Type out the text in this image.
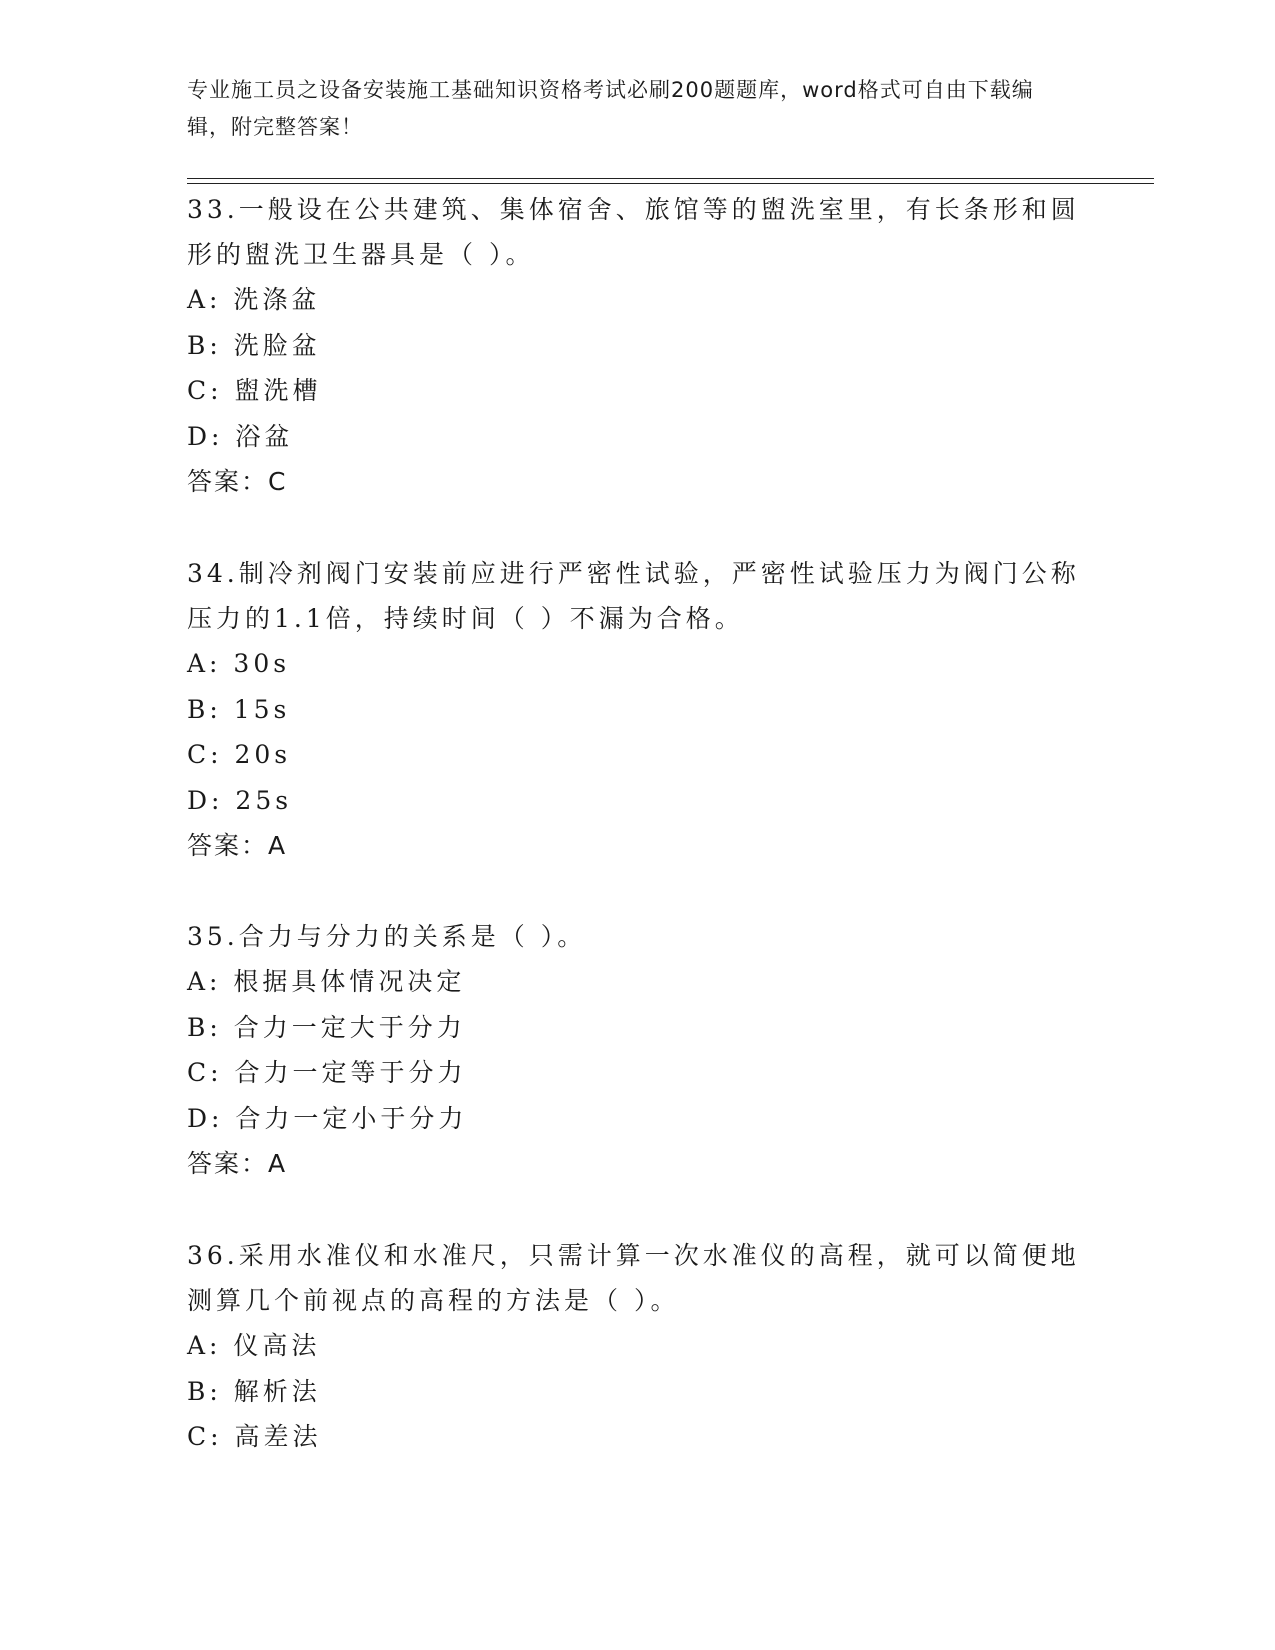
专业施工员之设备安装施工基础知识资格考试必刷200题题库，word格式可自由下载编辑，附完整答案！

33.一般设在公共建筑、集体宿舍、旅馆等的盥洗室里，有长条形和圆形的盥洗卫生器具是（ ）。

A: 洗涤盆

B: 洗脸盆

C: 盥洗槽

D: 浴盆

答案：C

34.制冷剂阀门安装前应进行严密性试验，严密性试验压力为阀门公称压力的1.1倍，持续时间（ ）不漏为合格。

A: 30s

B: 15s

C: 20s

D: 25s

答案：A

35.合力与分力的关系是（ ）。

A: 根据具体情况决定

B: 合力一定大于分力

C: 合力一定等于分力

D: 合力一定小于分力

答案：A

36.采用水准仪和水准尺，只需计算一次水准仪的高程，就可以简便地测算几个前视点的高程的方法是（ ）。

A: 仪高法

B: 解析法

C: 高差法
